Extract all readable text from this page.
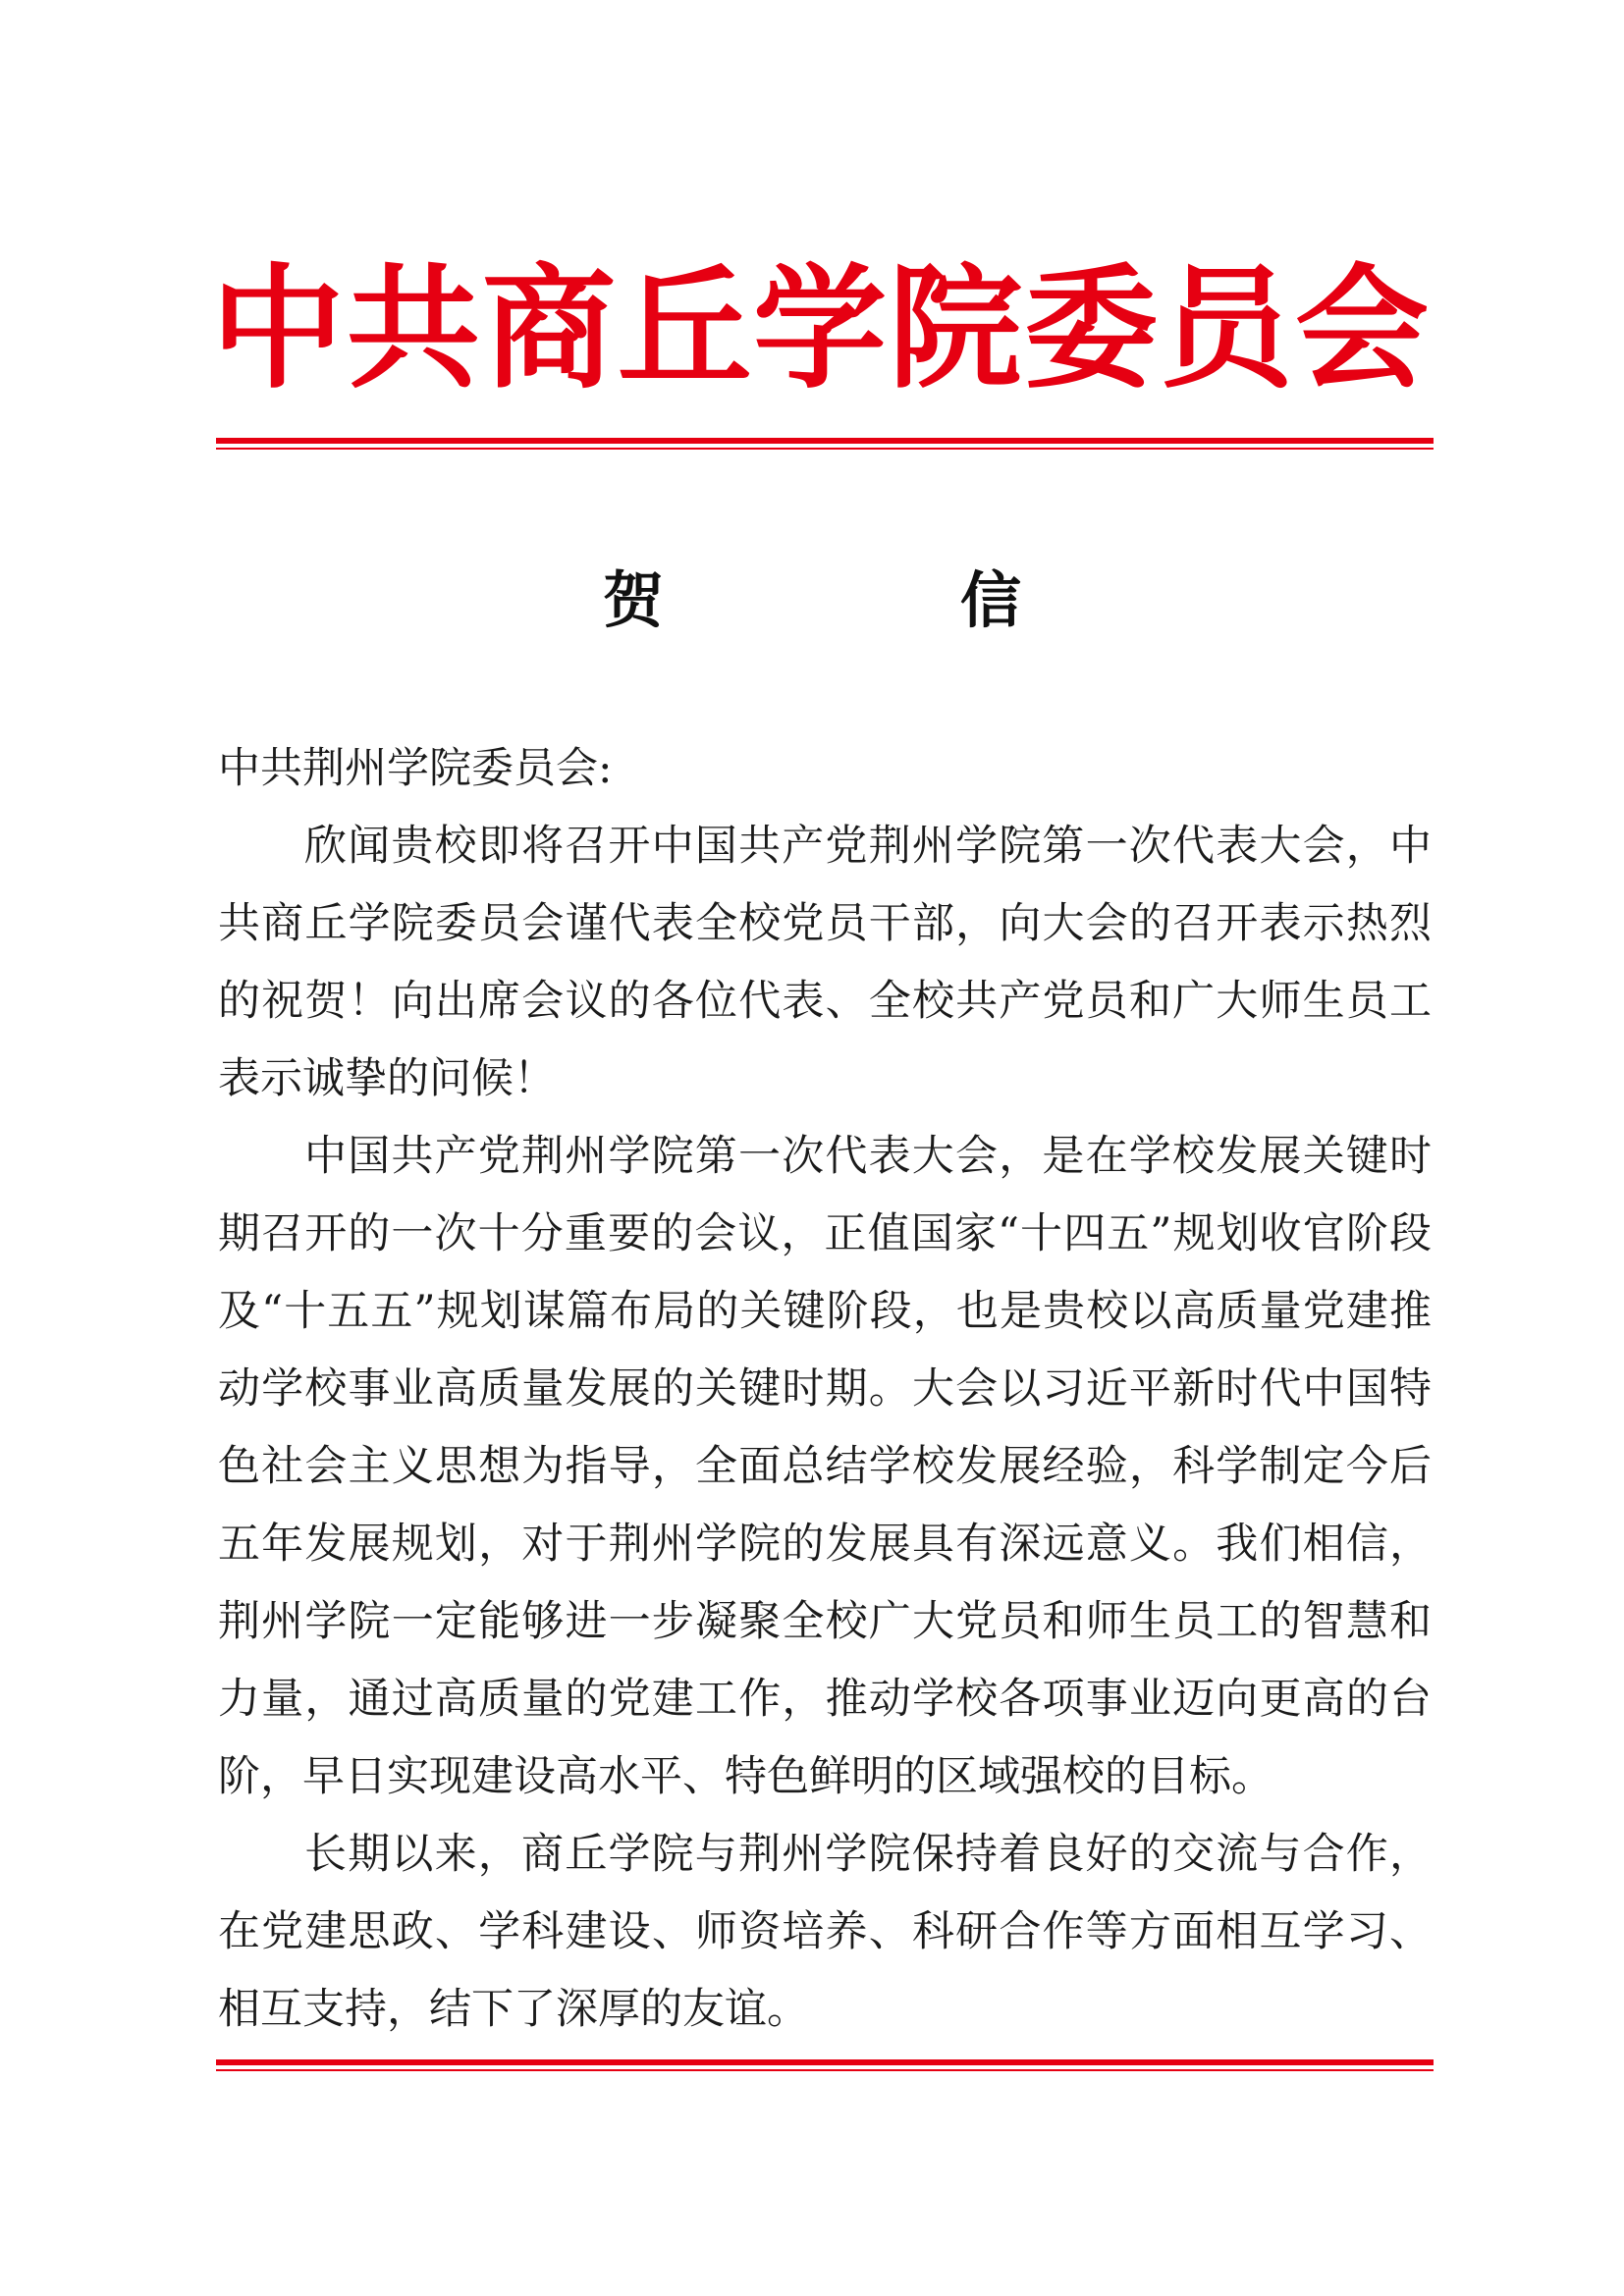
中共商丘学院委员会
贺　信

中共荆州学院委员会:

欣闻贵校即将召开中国共产党荆州学院第一次代表大会，中共商丘学院委员会谨代表全校党员干部，向大会的召开表示热烈的祝贺！向出席会议的各位代表、全校共产党员和广大师生员工表示诚挚的问候！

中国共产党荆州学院第一次代表大会，是在学校发展关键时期召开的一次十分重要的会议，正值国家“十四五”规划收官阶段及“十五五”规划谋篇布局的关键阶段，也是贵校以高质量党建推动学校事业高质量发展的关键时期。大会以习近平新时代中国特色社会主义思想为指导，全面总结学校发展经验，科学制定今后五年发展规划，对于荆州学院的发展具有深远意义。我们相信，荆州学院一定能够进一步凝聚全校广大党员和师生员工的智慧和力量，通过高质量的党建工作，推动学校各项事业迈向更高的台阶，早日实现建设高水平、特色鲜明的区域强校的目标。

长期以来，商丘学院与荆州学院保持着良好的交流与合作，在党建思政、学科建设、师资培养、科研合作等方面相互学习、相互支持，结下了深厚的友谊。
